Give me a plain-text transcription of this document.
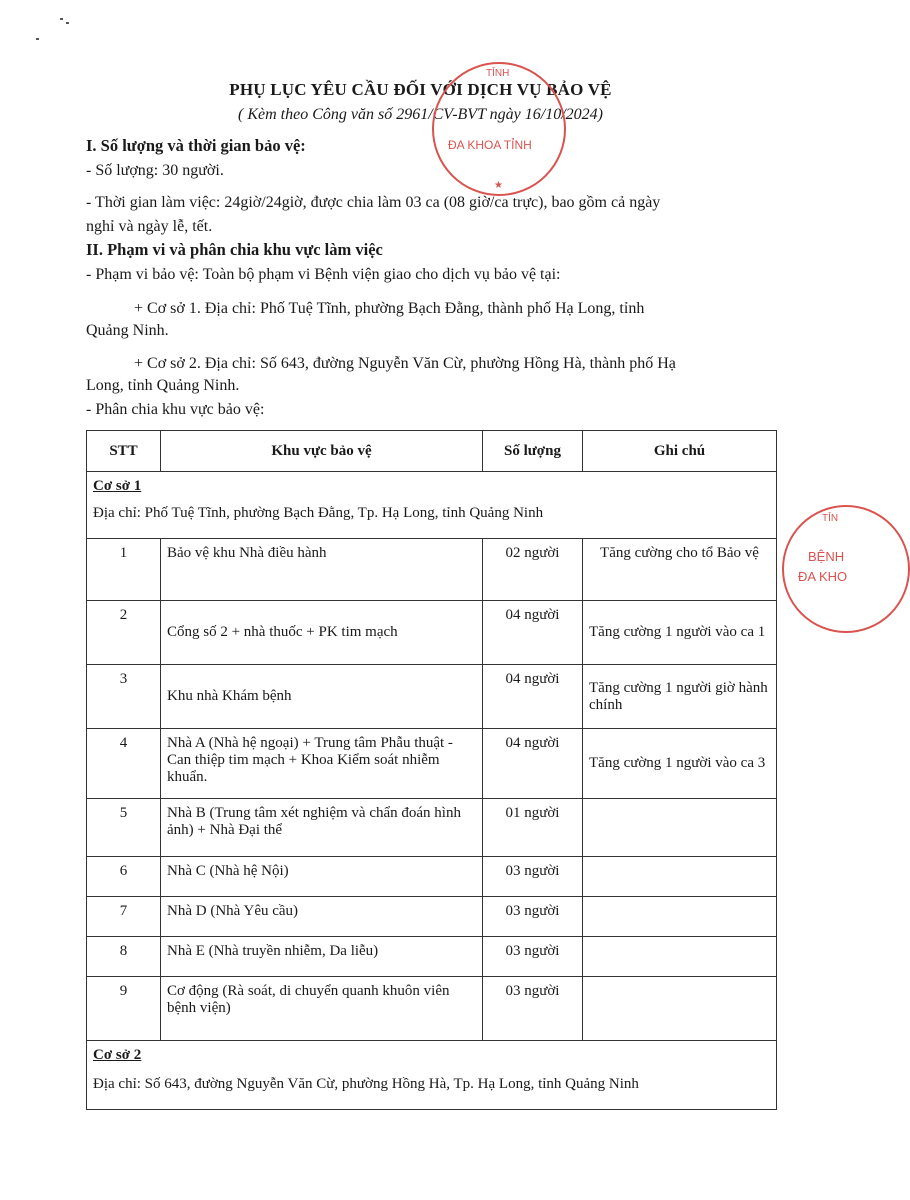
PHỤ LỤC YÊU CẦU ĐỐI VỚI DỊCH VỤ BẢO VỆ
( Kèm theo Công văn số 2961/CV-BVT ngày 16/10/2024)
TỈNH
ĐA KHOA TỈNH
★
I. Số lượng và thời gian bảo vệ:
- Số lượng: 30 người.
- Thời gian làm việc: 24giờ/24giờ, được chia làm 03 ca (08 giờ/ca trực), bao gồm cả ngày
nghỉ và ngày lễ, tết.
II. Phạm vi và phân chia khu vực làm việc
- Phạm vi bảo vệ: Toàn bộ phạm vi Bệnh viện giao cho dịch vụ bảo vệ tại:
+ Cơ sở 1. Địa chỉ: Phố Tuệ Tĩnh, phường Bạch Đằng, thành phố Hạ Long, tỉnh
Quảng Ninh.
+ Cơ sở 2. Địa chỉ: Số 643, đường Nguyễn Văn Cừ, phường Hồng Hà, thành phố Hạ
Long, tỉnh Quảng Ninh.
- Phân chia khu vực bảo vệ:
STT	Khu vực bảo vệ	Số lượng	Ghi chú

Cơ sở 1
Địa chỉ: Phố Tuệ Tĩnh, phường Bạch Đằng, Tp. Hạ Long, tỉnh Quảng Ninh			

1	Bảo vệ khu Nhà điều hành	02 người	Tăng cường cho tổ Bảo vệ
2	Cổng số 2 + nhà thuốc + PK tim mạch	04 người	Tăng cường 1 người vào ca 1
3	Khu nhà Khám bệnh	04 người	Tăng cường 1 người giờ hành chính
4	Nhà A (Nhà hệ ngoại) + Trung tâm Phẫu thuật - Can thiệp tim mạch + Khoa Kiểm soát nhiễm khuẩn.	04 người	Tăng cường 1 người vào ca 3
5	Nhà B (Trung tâm xét nghiệm và chẩn đoán hình ảnh) + Nhà Đại thể	01 người	
6	Nhà C (Nhà hệ Nội)	03 người	
7	Nhà D (Nhà Yêu cầu)	03 người	
8	Nhà E (Nhà truyền nhiễm, Da liễu)	03 người	
9	Cơ động (Rà soát, di chuyển quanh khuôn viên bệnh viện)	03 người	

Cơ sở 2
Địa chỉ: Số 643, đường Nguyễn Văn Cừ, phường Hồng Hà, Tp. Hạ Long, tỉnh Quảng Ninh			
TỈN
BỆNH
ĐA KHO
